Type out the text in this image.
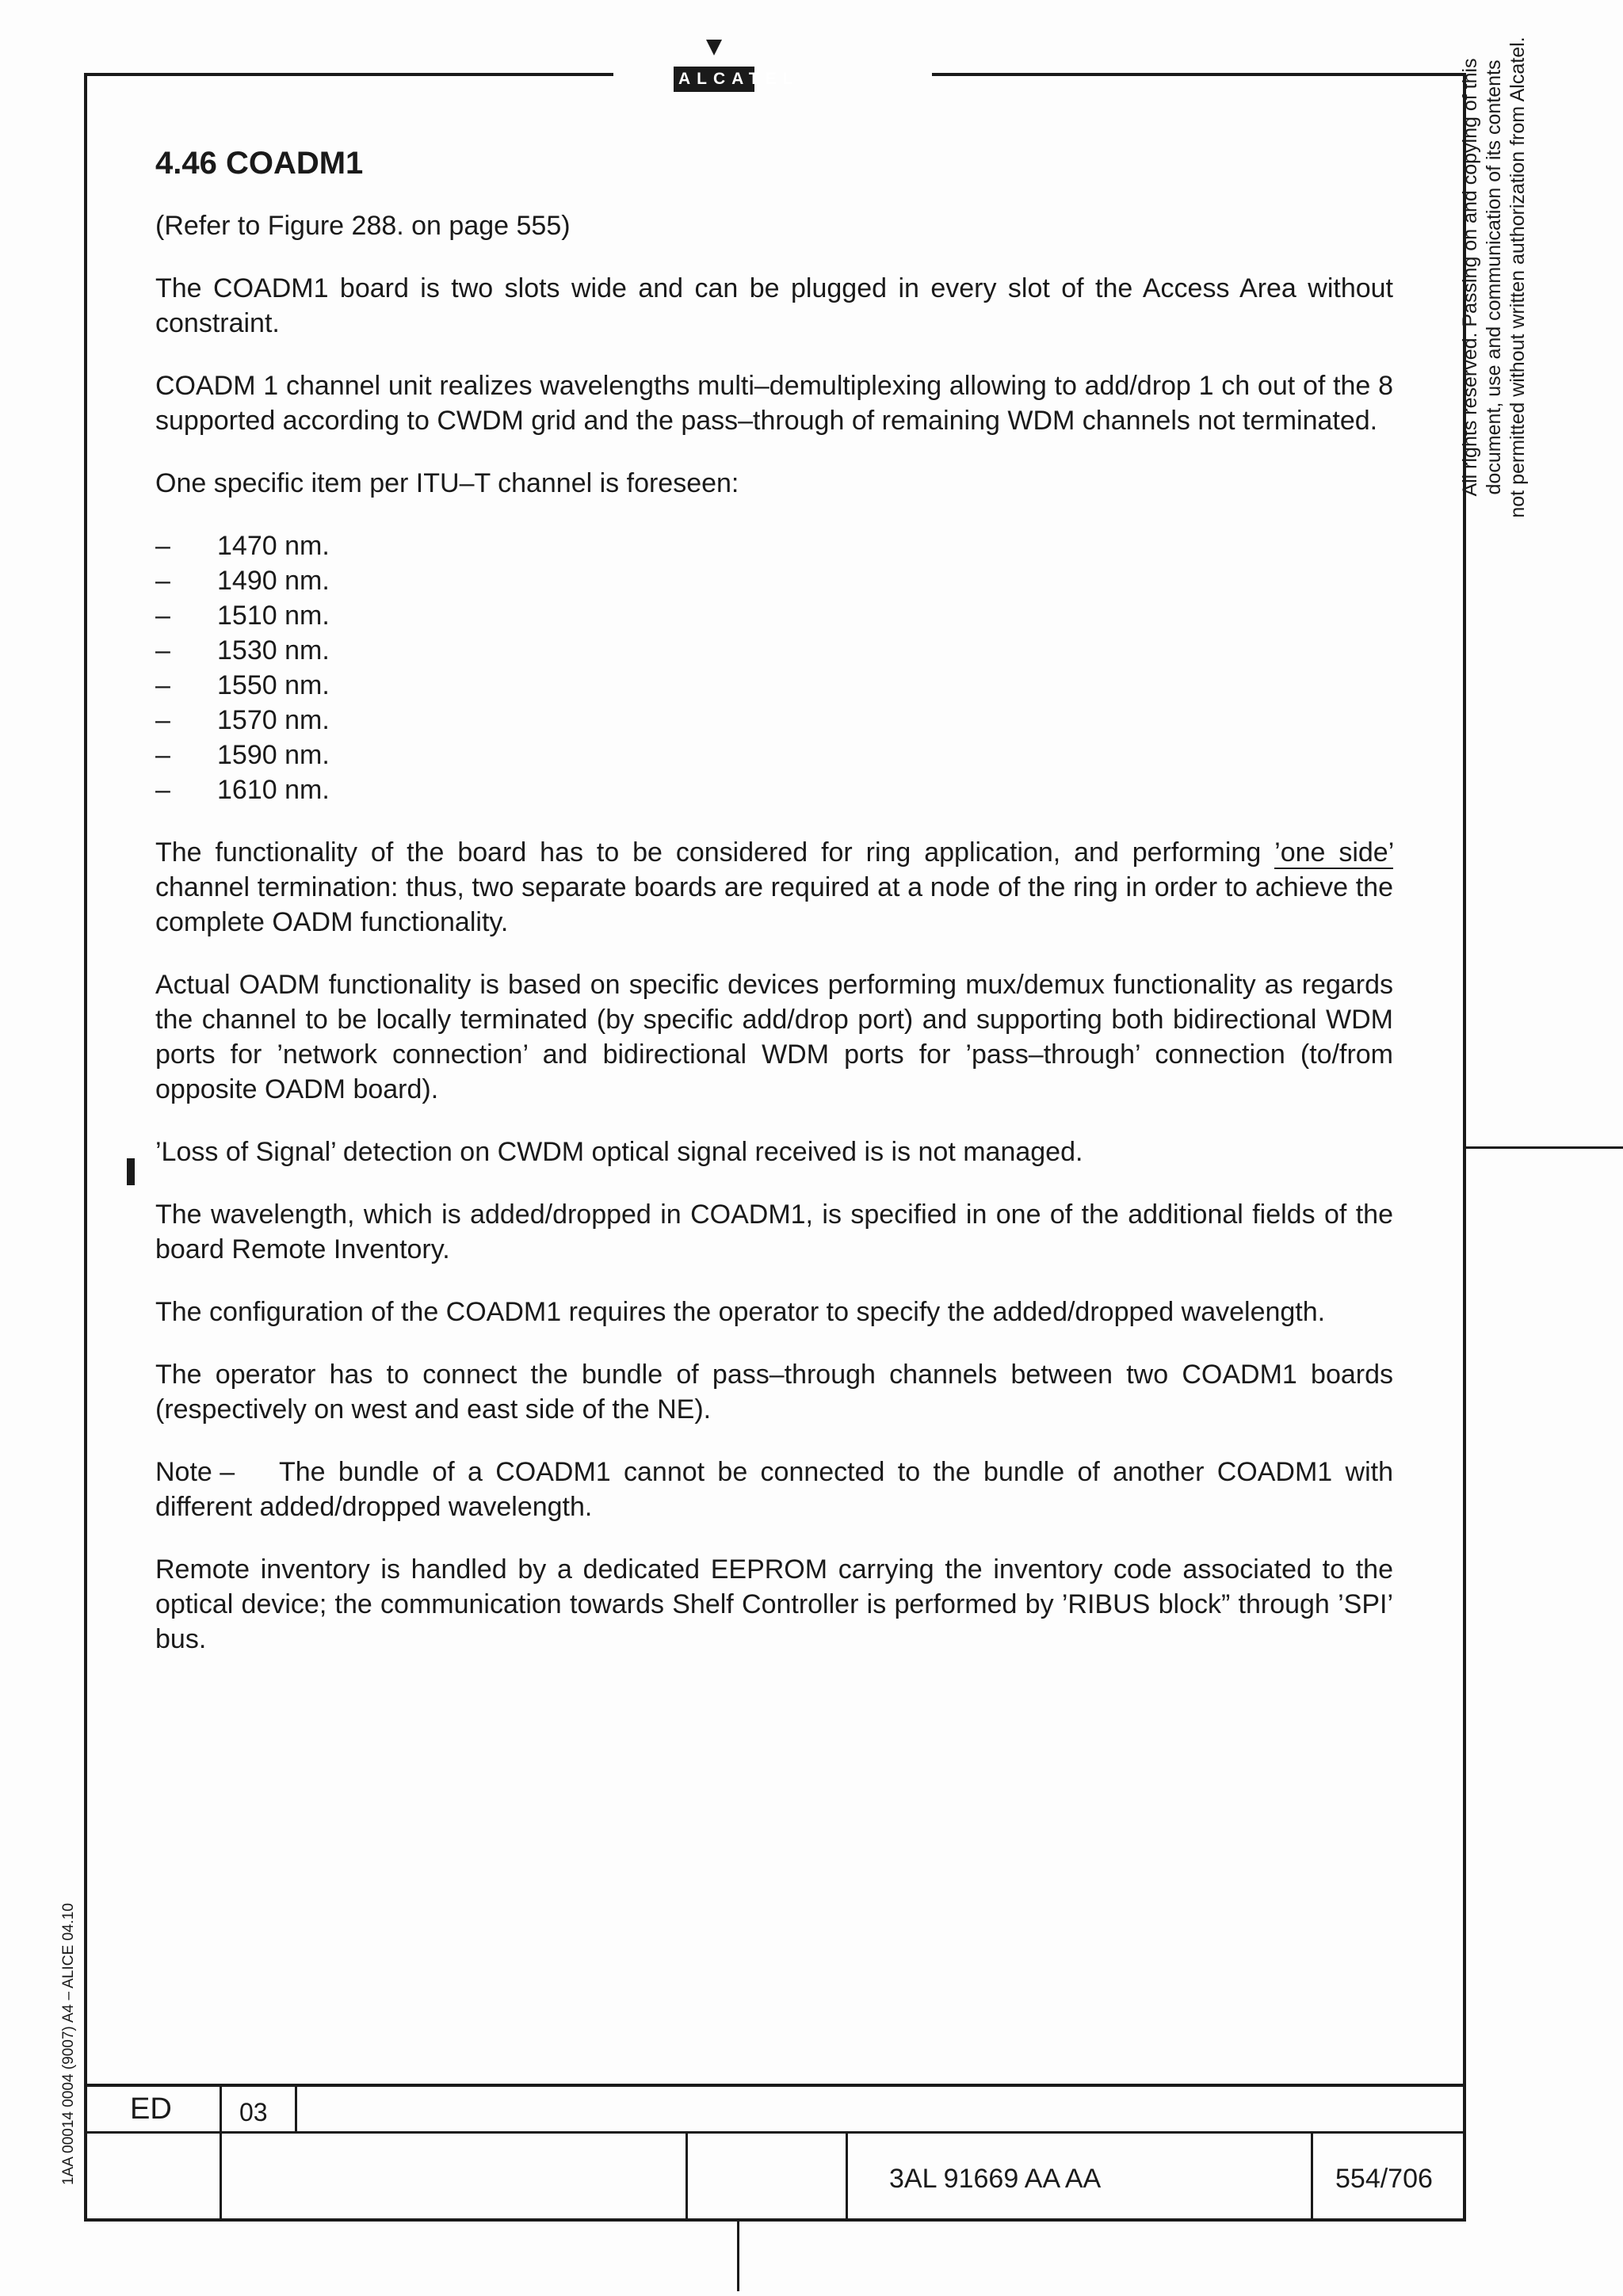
ALCATEL
4.46 COADM1

(Refer to Figure 288. on page 555)

The COADM1 board is two slots wide and can be plugged in every slot of the Access Area without constraint.

COADM 1 channel unit realizes wavelengths multi–demultiplexing allowing to add/drop 1 ch out of the 8 supported according to CWDM grid and the pass–through of remaining WDM channels not terminated.

One specific item per ITU–T channel is foreseen:

– 1470 nm.
– 1490 nm.
– 1510 nm.
– 1530 nm.
– 1550 nm.
– 1570 nm.
– 1590 nm.
– 1610 nm.

The functionality of the board has to be considered for ring application, and performing ’one side’ channel termination: thus, two separate boards are required at a node of the ring in order to achieve the complete OADM functionality.

Actual OADM functionality is based on specific devices performing mux/demux functionality as regards the channel to be locally terminated (by specific add/drop port) and supporting both bidirectional WDM ports for ’network connection’ and bidirectional WDM ports for ’pass–through’ connection (to/from opposite OADM board).

’Loss of Signal’ detection on CWDM optical signal received is is not managed.

The wavelength, which is added/dropped in COADM1, is specified in one of the additional fields of the board Remote Inventory.

The configuration of the COADM1 requires the operator to specify the added/dropped wavelength.

The operator has to connect the bundle of pass–through channels between two COADM1 boards (respectively on west and east side of the NE).

Note – The bundle of a COADM1 cannot be connected to the bundle of another COADM1 with different added/dropped wavelength.

Remote inventory is handled by a dedicated EEPROM carrying the inventory code associated to the optical device; the communication towards Shelf Controller is performed by ’RIBUS block” through ’SPI’ bus.

All rights reserved. Passing on and copying of this document, use and communication of its contents not permitted without written authorization from Alcatel.
1AA 00014 0004 (9007) A4 – ALICE 04.10 ED	03
3AL 91669 AA AA	554/706
